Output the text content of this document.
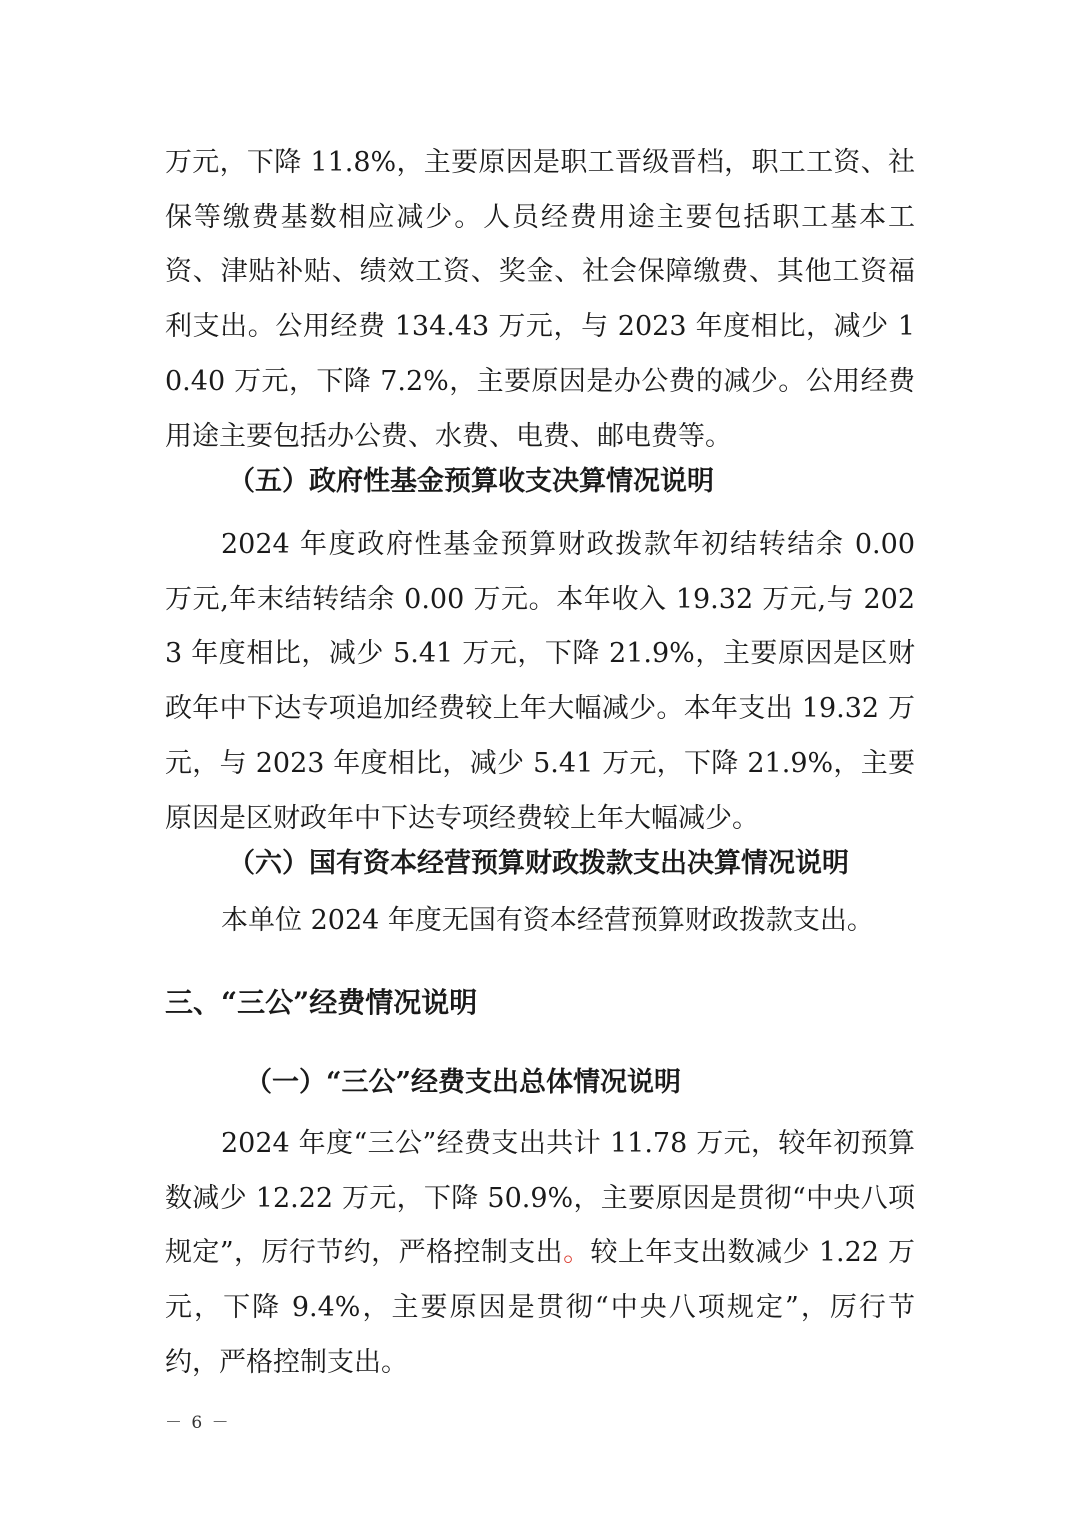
万元，下降 11.8%，主要原因是职工晋级晋档，职工工资、社保等缴费基数相应减少。人员经费用途主要包括职工基本工资、津贴补贴、绩效工资、奖金、社会保障缴费、其他工资福利支出。公用经费 134.43 万元，与 2023 年度相比，减少 10.40 万元，下降 7.2%，主要原因是办公费的减少。公用经费用途主要包括办公费、水费、电费、邮电费等。

（五）政府性基金预算收支决算情况说明

2024 年度政府性基金预算财政拨款年初结转结余 0.00 万元,年末结转结余 0.00 万元。本年收入 19.32 万元,与 2023 年度相比，减少 5.41 万元，下降 21.9%，主要原因是区财政年中下达专项追加经费较上年大幅减少。本年支出 19.32 万元，与 2023 年度相比，减少 5.41 万元，下降 21.9%，主要原因是区财政年中下达专项经费较上年大幅减少。

（六）国有资本经营预算财政拨款支出决算情况说明

本单位 2024 年度无国有资本经营预算财政拨款支出。

三、“三公”经费情况说明
（一）“三公”经费支出总体情况说明

2024 年度“三公”经费支出共计 11.78 万元，较年初预算数减少 12.22 万元，下降 50.9%，主要原因是贯彻“中央八项规定”，厉行节约，严格控制支出。较上年支出数减少 1.22 万元，下降 9.4%，主要原因是贯彻“中央八项规定”，厉行节约，严格控制支出。

－ 6 －
